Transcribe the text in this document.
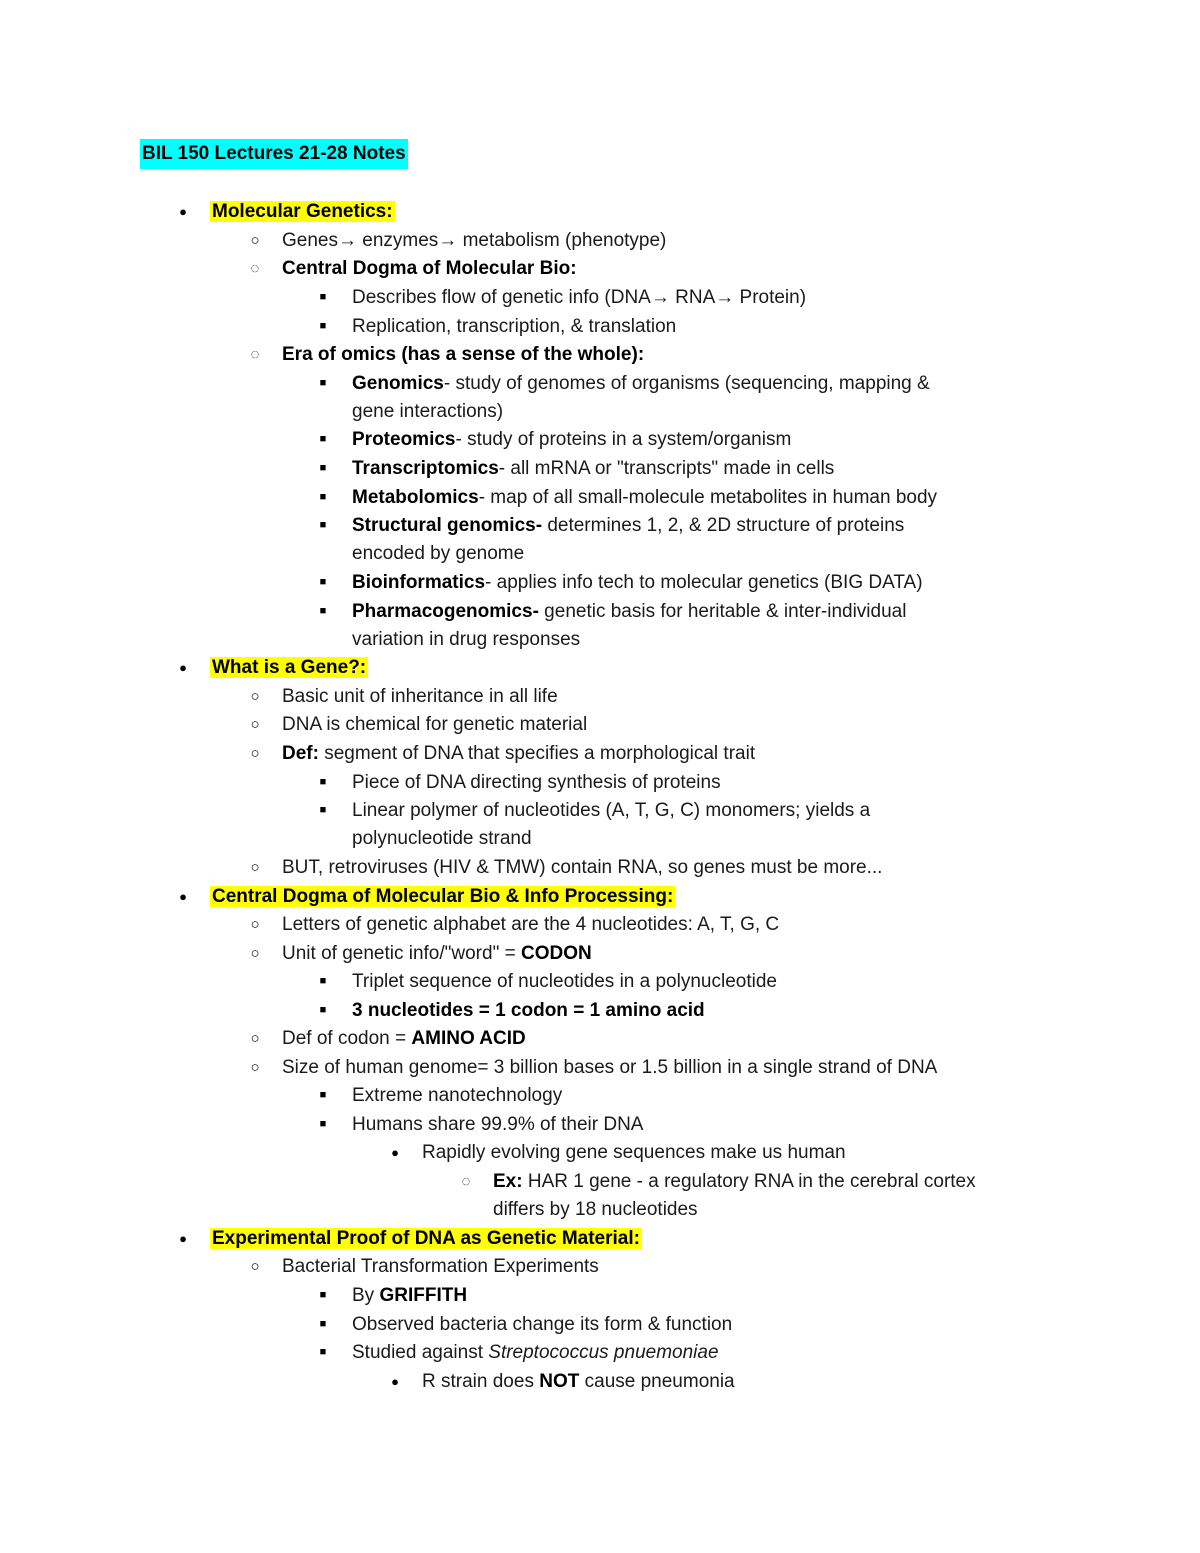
BIL 150 Lectures 21-28 Notes
●	Molecular Genetics:
○ Genes→ enzymes→ metabolism (phenotype)
◌ Central Dogma of Molecular Bio:
■	Describes flow of genetic info (DNA→ RNA→ Protein)
■	Replication, transcription, & translation
◌ Era of omics (has a sense of the whole):
■	Genomics- study of genomes of organisms (sequencing, mapping &
gene interactions)
■	Proteomics- study of proteins in a system/organism
■	Transcriptomics- all mRNA or "transcripts" made in cells
■	Metabolomics- map of all small-molecule metabolites in human body
■	Structural genomics- determines 1, 2, & 2D structure of proteins
encoded by genome
■	Bioinformatics- applies info tech to molecular genetics (BIG DATA)
■	Pharmacogenomics- genetic basis for heritable & inter-individual
variation in drug responses
●	What is a Gene?:
○ Basic unit of inheritance in all life
○ DNA is chemical for genetic material
○ Def: segment of DNA that specifies a morphological trait
■	Piece of DNA directing synthesis of proteins
■	Linear polymer of nucleotides (A, T, G, C) monomers; yields a
polynucleotide strand
○ BUT, retroviruses (HIV & TMW) contain RNA, so genes must be more...
●	Central Dogma of Molecular Bio & Info Processing:
○ Letters of genetic alphabet are the 4 nucleotides: A, T, G, C
○ Unit of genetic info/"word" = CODON
■	Triplet sequence of nucleotides in a polynucleotide
■	3 nucleotides = 1 codon = 1 amino acid
○ Def of codon = AMINO ACID
○ Size of human genome= 3 billion bases or 1.5 billion in a single strand of DNA
■	Extreme nanotechnology
■	Humans share 99.9% of their DNA
●	Rapidly evolving gene sequences make us human
◌ Ex: HAR 1 gene - a regulatory RNA in the cerebral cortex
differs by 18 nucleotides
●	Experimental Proof of DNA as Genetic Material:
○ Bacterial Transformation Experiments
■	By GRIFFITH
■	Observed bacteria change its form & function
■	Studied against Streptococcus pnuemoniae
●	R strain does NOT cause pneumonia
